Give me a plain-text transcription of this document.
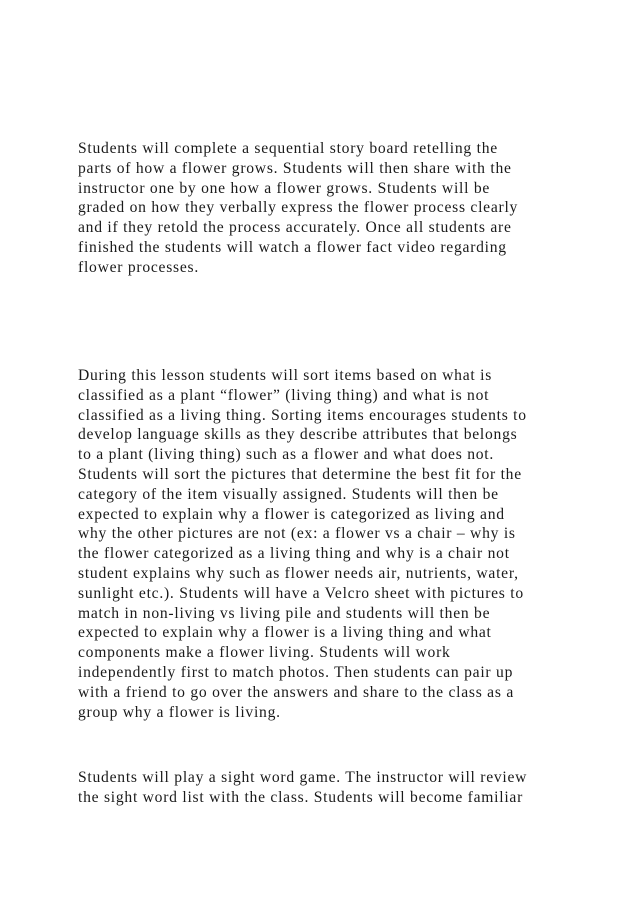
Students will complete a sequential story board retelling the
parts of how a flower grows. Students will then share with the
instructor one by one how a flower grows. Students will be
graded on how they verbally express the flower process clearly
and if they retold the process accurately. Once all students are
finished the students will watch a flower fact video regarding
flower processes.

During this lesson students will sort items based on what is
classified as a plant “flower” (living thing) and what is not
classified as a living thing. Sorting items encourages students to
develop language skills as they describe attributes that belongs
to a plant (living thing) such as a flower and what does not.
Students will sort the pictures that determine the best fit for the
category of the item visually assigned. Students will then be
expected to explain why a flower is categorized as living and
why the other pictures are not (ex: a flower vs a chair – why is
the flower categorized as a living thing and why is a chair not
student explains why such as flower needs air, nutrients, water,
sunlight etc.). Students will have a Velcro sheet with pictures to
match in non-living vs living pile and students will then be
expected to explain why a flower is a living thing and what
components make a flower living. Students will work
independently first to match photos. Then students can pair up
with a friend to go over the answers and share to the class as a
group why a flower is living.

Students will play a sight word game. The instructor will review
the sight word list with the class. Students will become familiar
